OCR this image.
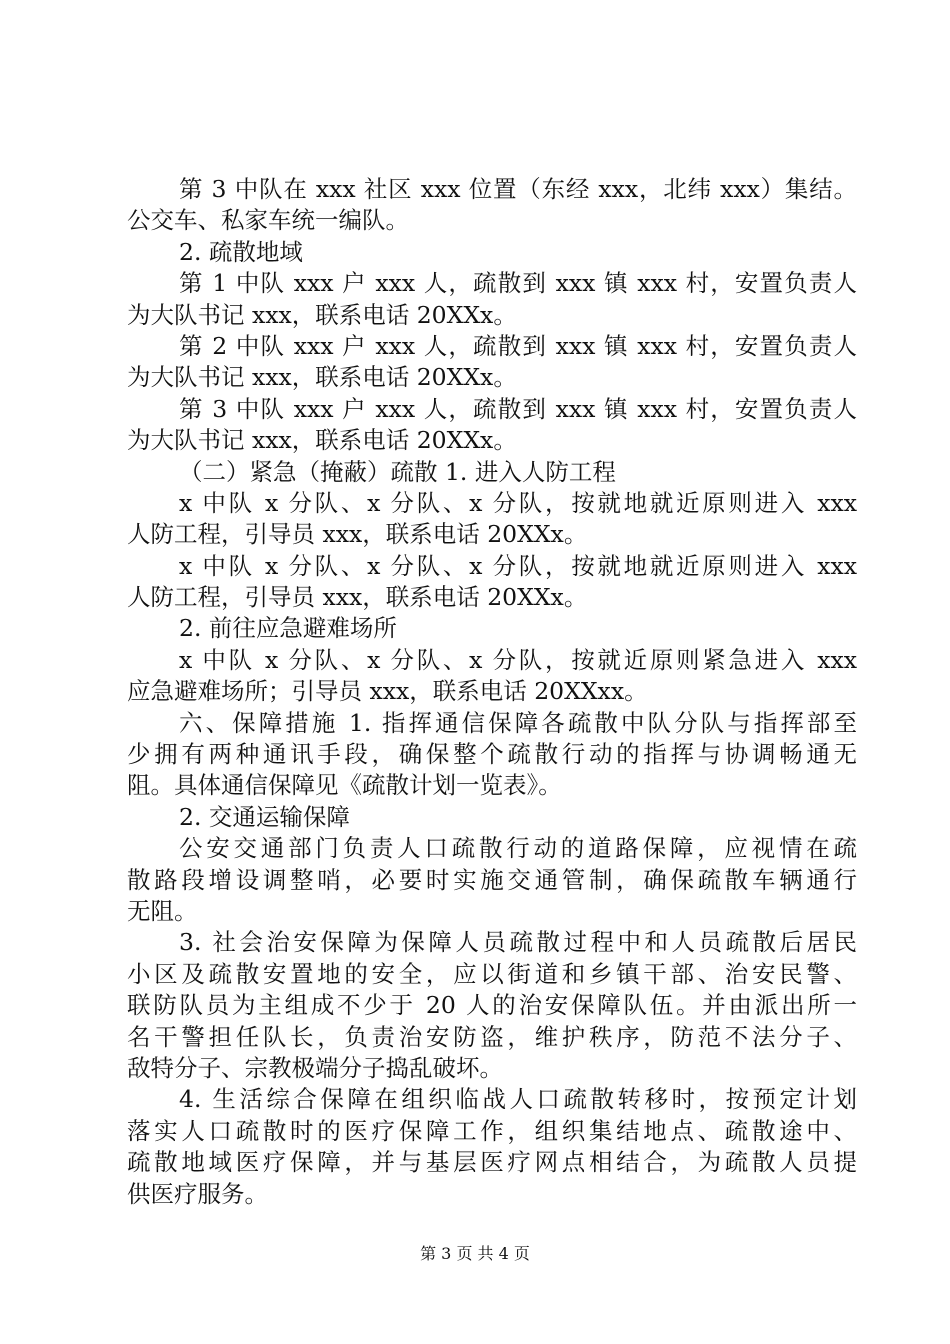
第 3 中队在 xxx 社区 xxx 位置（东经 xxx，北纬 xxx）集结。
公交车、私家车统一编队。
2. 疏散地域
第 1 中队 xxx 户 xxx 人，疏散到 xxx 镇 xxx 村，安置负责人
为大队书记 xxx，联系电话 20XXx。
第 2 中队 xxx 户 xxx 人，疏散到 xxx 镇 xxx 村，安置负责人
为大队书记 xxx，联系电话 20XXx。
第 3 中队 xxx 户 xxx 人，疏散到 xxx 镇 xxx 村，安置负责人
为大队书记 xxx，联系电话 20XXx。
（二）紧急（掩蔽）疏散 1. 进入人防工程
x 中队 x 分队、x 分队、x 分队，按就地就近原则进入 xxx
人防工程，引导员 xxx，联系电话 20XXx。
x 中队 x 分队、x 分队、x 分队，按就地就近原则进入 xxx
人防工程，引导员 xxx，联系电话 20XXx。
2. 前往应急避难场所
x 中队 x 分队、x 分队、x 分队，按就近原则紧急进入 xxx
应急避难场所；引导员 xxx，联系电话 20XXxx。
六、保障措施 1. 指挥通信保障各疏散中队分队与指挥部至
少拥有两种通讯手段，确保整个疏散行动的指挥与协调畅通无
阻。具体通信保障见《疏散计划一览表》。
2. 交通运输保障
公安交通部门负责人口疏散行动的道路保障，应视情在疏
散路段增设调整哨，必要时实施交通管制，确保疏散车辆通行
无阻。
3. 社会治安保障为保障人员疏散过程中和人员疏散后居民
小区及疏散安置地的安全，应以街道和乡镇干部、治安民警、
联防队员为主组成不少于 20 人的治安保障队伍。并由派出所一
名干警担任队长，负责治安防盗，维护秩序，防范不法分子、
敌特分子、宗教极端分子捣乱破坏。
4. 生活综合保障在组织临战人口疏散转移时，按预定计划
落实人口疏散时的医疗保障工作，组织集结地点、疏散途中、
疏散地域医疗保障，并与基层医疗网点相结合，为疏散人员提
供医疗服务。
第 3 页 共 4 页
